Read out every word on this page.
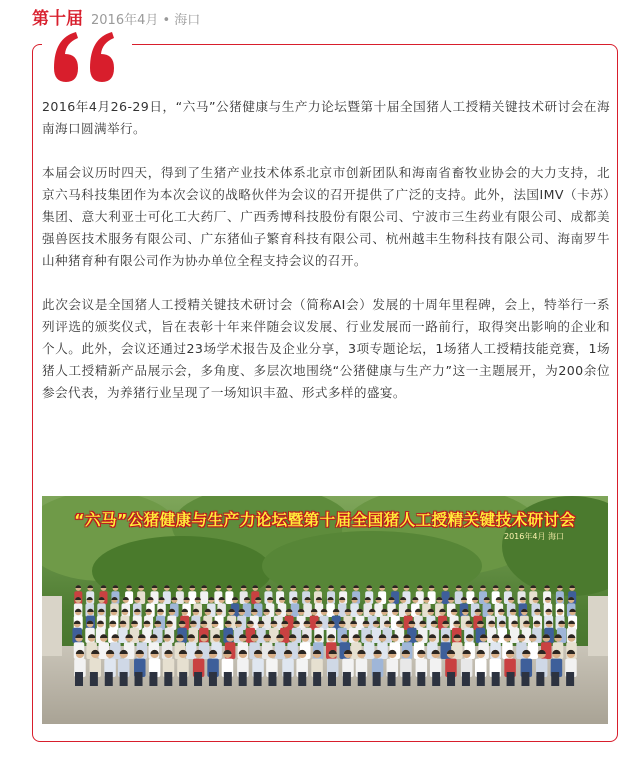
第十届 2016年4月 • 海口

2016年4月26-29日，“六马”公猪健康与生产力论坛暨第十届全国猪人工授精关键技术研讨会在海南海口圆满举行。

本届会议历时四天，得到了生猪产业技术体系北京市创新团队和海南省畜牧业协会的大力支持，北京六马科技集团作为本次会议的战略伙伴为会议的召开提供了广泛的支持。此外，法国IMV（卡苏）集团、意大利亚士可化工大药厂、广西秀博科技股份有限公司、宁波市三生药业有限公司、成都美强兽医技术服务有限公司、广东猪仙子繁育科技有限公司、杭州越丰生物科技有限公司、海南罗牛山种猪育种有限公司作为协办单位全程支持会议的召开。

此次会议是全国猪人工授精关键技术研讨会（简称AI会）发展的十周年里程碑，会上，特举行一系列评选的颁奖仪式，旨在表彰十年来伴随会议发展、行业发展而一路前行，取得突出影响的企业和个人。此外，会议还通过23场学术报告及企业分享，3项专题论坛，1场猪人工授精技能竞赛，1场猪人工授精新产品展示会，多角度、多层次地围绕“公猪健康与生产力”这一主题展开，为200余位参会代表，为养猪行业呈现了一场知识丰盈、形式多样的盛宴。

“六马”公猪健康与生产力论坛暨第十届全国猪人工授精关键技术研讨会
2016年4月 海口
